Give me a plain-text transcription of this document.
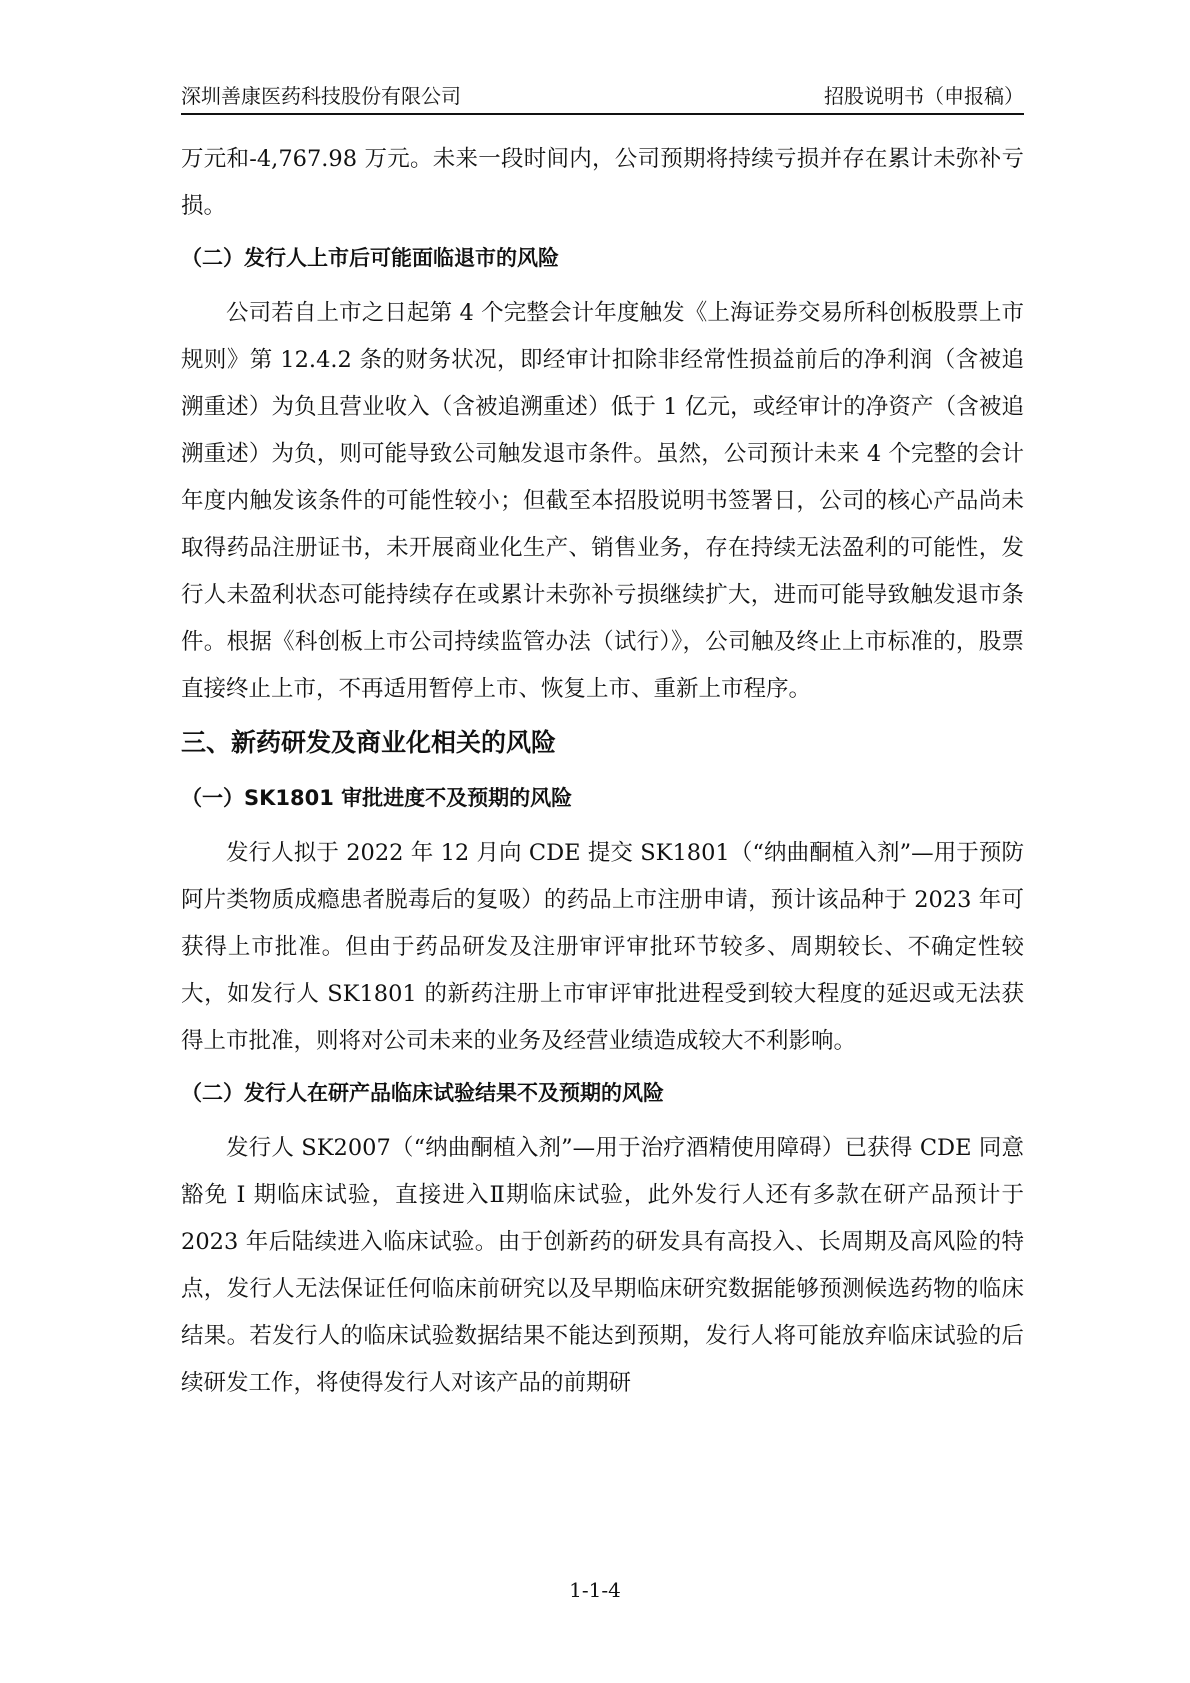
深圳善康医药科技股份有限公司	招股说明书（申报稿）

万元和-4,767.98 万元。未来一段时间内，公司预期将持续亏损并存在累计未弥补亏损。

（二）发行人上市后可能面临退市的风险

公司若自上市之日起第 4 个完整会计年度触发《上海证券交易所科创板股票上市规则》第 12.4.2 条的财务状况，即经审计扣除非经常性损益前后的净利润（含被追溯重述）为负且营业收入（含被追溯重述）低于 1 亿元，或经审计的净资产（含被追溯重述）为负，则可能导致公司触发退市条件。虽然，公司预计未来 4 个完整的会计年度内触发该条件的可能性较小；但截至本招股说明书签署日，公司的核心产品尚未取得药品注册证书，未开展商业化生产、销售业务，存在持续无法盈利的可能性，发行人未盈利状态可能持续存在或累计未弥补亏损继续扩大，进而可能导致触发退市条件。根据《科创板上市公司持续监管办法（试行）》，公司触及终止上市标准的，股票直接终止上市，不再适用暂停上市、恢复上市、重新上市程序。

三、新药研发及商业化相关的风险
（一）SK1801 审批进度不及预期的风险

发行人拟于 2022 年 12 月向 CDE 提交 SK1801（“纳曲酮植入剂”—用于预防阿片类物质成瘾患者脱毒后的复吸）的药品上市注册申请，预计该品种于 2023 年可获得上市批准。但由于药品研发及注册审评审批环节较多、周期较长、不确定性较大，如发行人 SK1801 的新药注册上市审评审批进程受到较大程度的延迟或无法获得上市批准，则将对公司未来的业务及经营业绩造成较大不利影响。

（二）发行人在研产品临床试验结果不及预期的风险

发行人 SK2007（“纳曲酮植入剂”—用于治疗酒精使用障碍）已获得 CDE 同意豁免 I 期临床试验，直接进入Ⅱ期临床试验，此外发行人还有多款在研产品预计于 2023 年后陆续进入临床试验。由于创新药的研发具有高投入、长周期及高风险的特点，发行人无法保证任何临床前研究以及早期临床研究数据能够预测候选药物的临床结果。若发行人的临床试验数据结果不能达到预期，发行人将可能放弃临床试验的后续研发工作，将使得发行人对该产品的前期研

1-1-4
